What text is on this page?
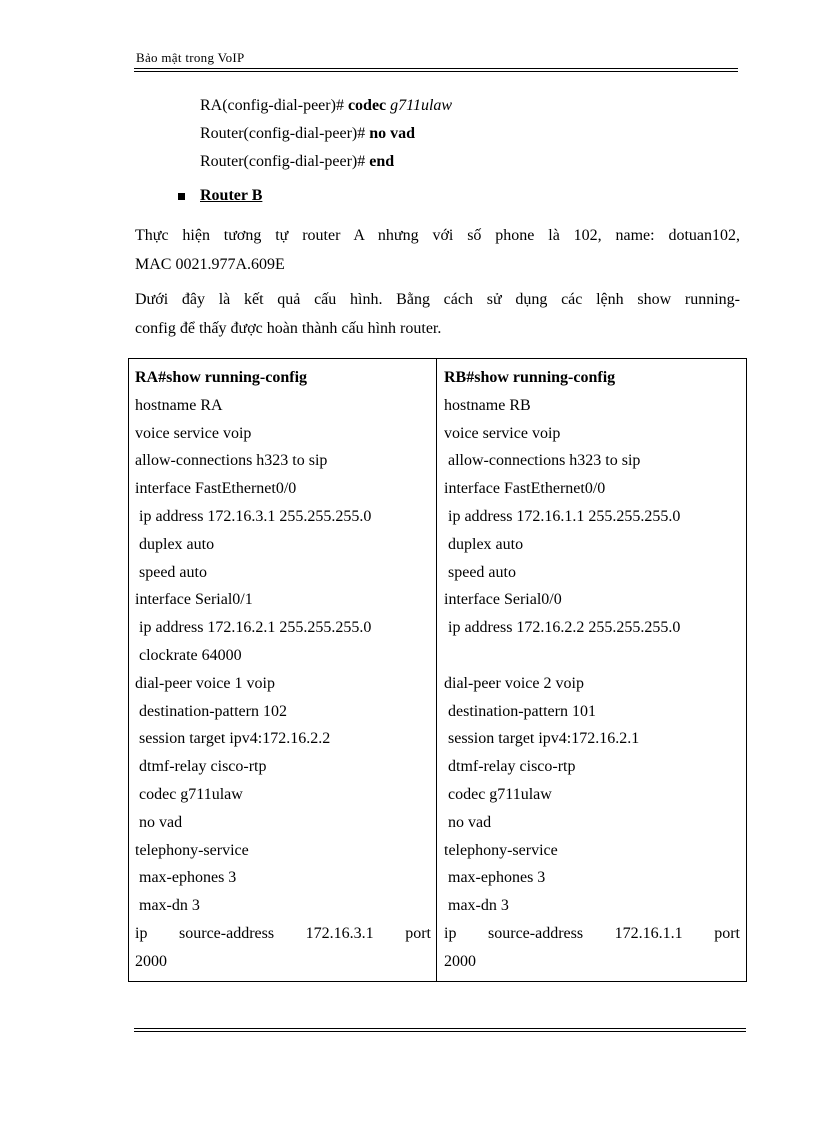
Bảo mật trong VoIP
RA(config-dial-peer)# codec g711ulaw
Router(config-dial-peer)# no vad
Router(config-dial-peer)# end
Router B
Thực hiện tương tự router A nhưng với số phone là 102, name: dotuan102,
MAC 0021.977A.609E
Dưới đây là kết quả cấu hình. Bằng cách sử dụng các lệnh show running-
config để thấy được hoàn thành cấu hình router.
RA#show running-config
hostname RA
voice service voip
allow-connections h323 to sip
interface FastEthernet0/0
ip address 172.16.3.1 255.255.255.0
duplex auto
speed auto
interface Serial0/1
ip address 172.16.2.1 255.255.255.0
clockrate 64000
dial-peer voice 1 voip
destination-pattern 102
session target ipv4:172.16.2.2
dtmf-relay cisco-rtp
codec g711ulaw
no vad
telephony-service
max-ephones 3
max-dn 3
ip source-address 172.16.3.1 port
2000
RB#show running-config
hostname RB
voice service voip
allow-connections h323 to sip
interface FastEthernet0/0
ip address 172.16.1.1 255.255.255.0
duplex auto
speed auto
interface Serial0/0
ip address 172.16.2.2 255.255.255.0
dial-peer voice 2 voip
destination-pattern 101
session target ipv4:172.16.2.1
dtmf-relay cisco-rtp
codec g711ulaw
no vad
telephony-service
max-ephones 3
max-dn 3
ip source-address 172.16.1.1 port
2000
